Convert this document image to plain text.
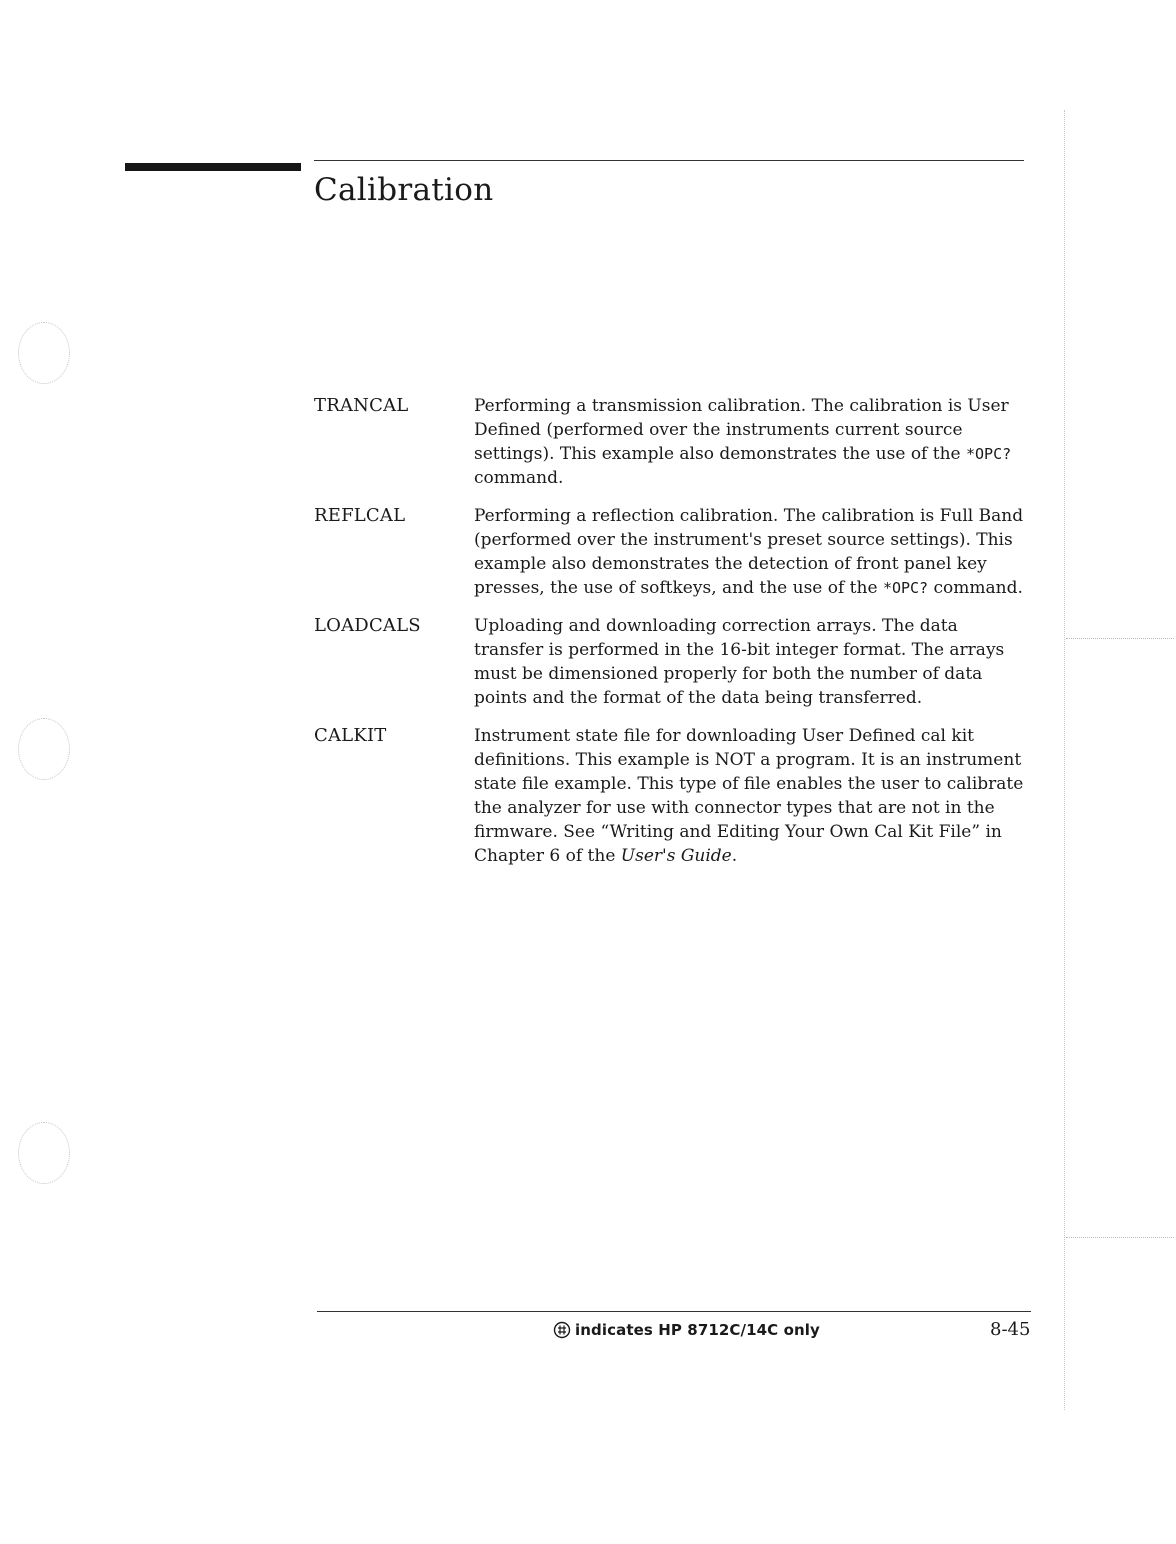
Calibration
TRANCAL	Performing a transmission calibration. The calibration is User Defined (performed over the instruments current source settings). This example also demonstrates the use of the *OPC? command.

REFLCAL	Performing a reflection calibration. The calibration is Full Band (performed over the instrument's preset source settings). This example also demonstrates the detection of front panel key presses, the use of softkeys, and the use of the *OPC? command.

LOADCALS	Uploading and downloading correction arrays. The data transfer is performed in the 16-bit integer format. The arrays must be dimensioned properly for both the number of data points and the format of the data being transferred.

CALKIT	Instrument state file for downloading User Defined cal kit definitions. This example is NOT a program. It is an instrument state file example. This type of file enables the user to calibrate the analyzer for use with connector types that are not in the firmware. See “Writing and Editing Your Own Cal Kit File” in Chapter 6 of the User's Guide.

indicates HP 8712C/14C only	8-45
